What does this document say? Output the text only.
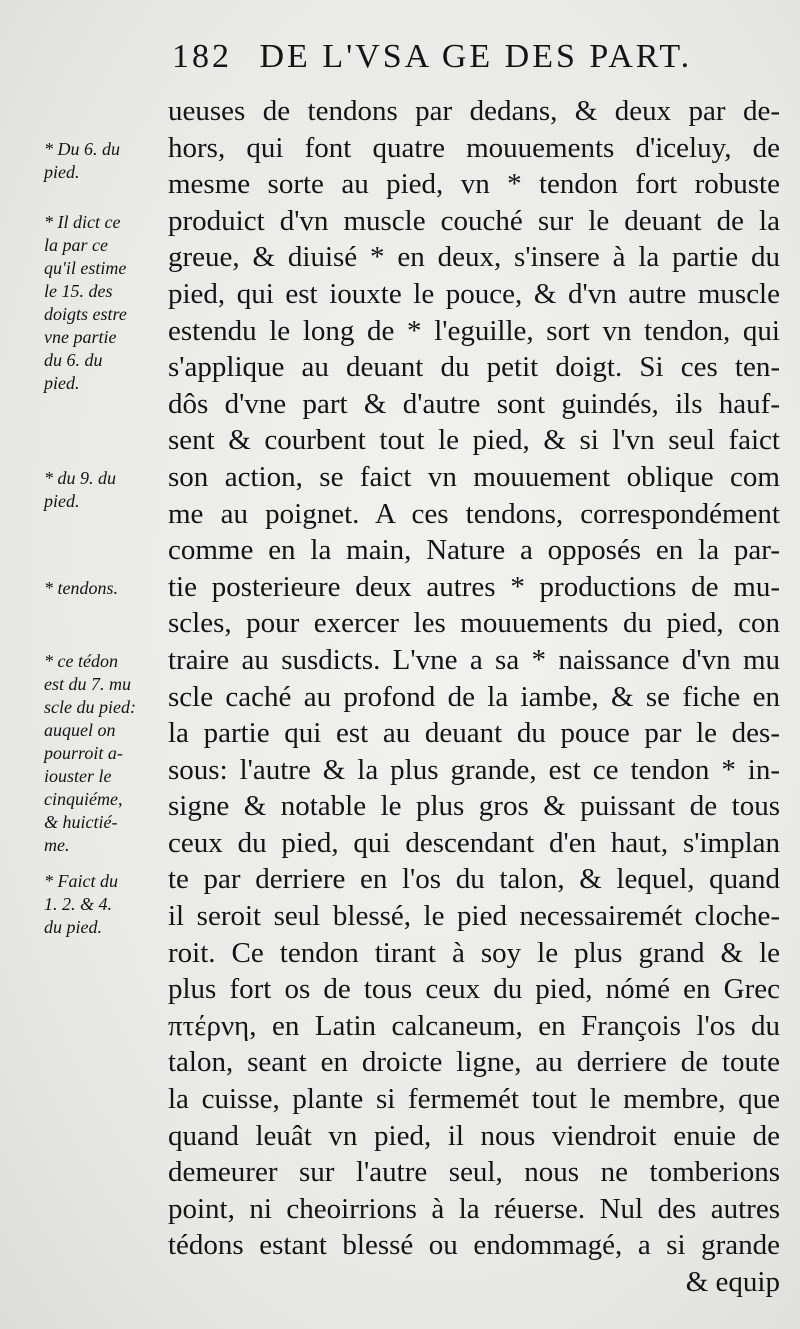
182 DE L'VSA GE DES PART.
* Du 6. du
pied.
* Il dict ce
la par ce
qu'il estime
le 15. des
doigts estre
vne partie
du 6. du
pied.
* du 9. du
pied.
* tendons.
* ce tédon
est du 7. mu
scle du pied:
auquel on
pourroit a-
iouster le
cinquiéme,
& huictié-
me.
* Faict du
1. 2. & 4.
du pied.
ueuses de tendons par dedans, & deux par de-
hors, qui font quatre mouuements d'iceluy, de
mesme sorte au pied, vn * tendon fort robuste
produict d'vn muscle couché sur le deuant de la
greue, & diuisé * en deux, s'insere à la partie du
pied, qui est iouxte le pouce, & d'vn autre muscle
estendu le long de * l'eguille, sort vn tendon, qui
s'applique au deuant du petit doigt. Si ces ten-
dôs d'vne part & d'autre sont guindés, ils hauf-
sent & courbent tout le pied, & si l'vn seul faict
son action, se faict vn mouuement oblique com
me au poignet. A ces tendons, correspondément
comme en la main, Nature a opposés en la par-
tie posterieure deux autres * productions de mu-
scles, pour exercer les mouuements du pied, con
traire au susdicts. L'vne a sa * naissance d'vn mu
scle caché au profond de la iambe, & se fiche en
la partie qui est au deuant du pouce par le des-
sous: l'autre & la plus grande, est ce tendon * in-
signe & notable le plus gros & puissant de tous
ceux du pied, qui descendant d'en haut, s'implan
te par derriere en l'os du talon, & lequel, quand
il seroit seul blessé, le pied necessairemét cloche-
roit. Ce tendon tirant à soy le plus grand & le
plus fort os de tous ceux du pied, nómé en Grec
πτέρνη, en Latin calcaneum, en François l'os du
talon, seant en droicte ligne, au derriere de toute
la cuisse, plante si fermemét tout le membre, que
quand leuât vn pied, il nous viendroit enuie de
demeurer sur l'autre seul, nous ne tomberions
point, ni cheoirrions à la réuerse. Nul des autres
tédons estant blessé ou endommagé, a si grande
& equip
